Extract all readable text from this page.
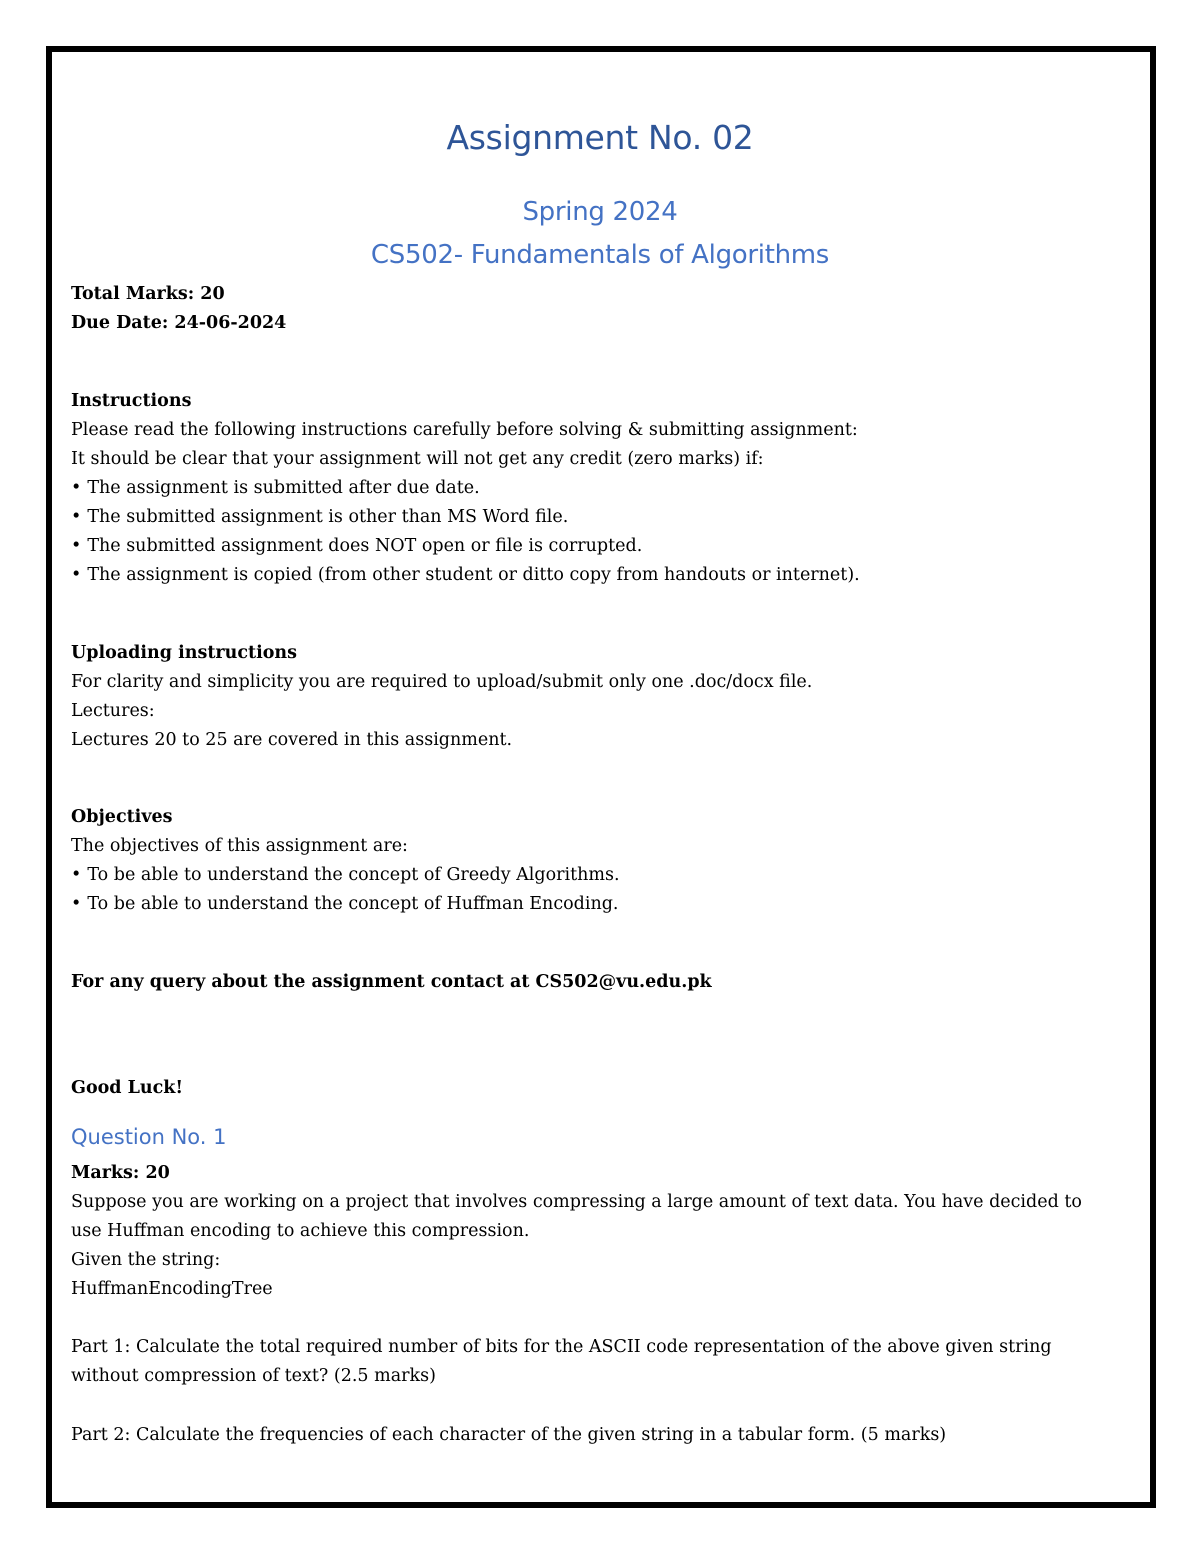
Assignment No. 02
Spring 2024
CS502- Fundamentals of Algorithms
Total Marks: 20
Due Date: 24-06-2024
Instructions
Please read the following instructions carefully before solving & submitting assignment:
It should be clear that your assignment will not get any credit (zero marks) if:
• The assignment is submitted after due date.
• The submitted assignment is other than MS Word file.
• The submitted assignment does NOT open or file is corrupted.
• The assignment is copied (from other student or ditto copy from handouts or internet).
Uploading instructions
For clarity and simplicity you are required to upload/submit only one .doc/docx file.
Lectures:
Lectures 20 to 25 are covered in this assignment.
Objectives
The objectives of this assignment are:
• To be able to understand the concept of Greedy Algorithms.
• To be able to understand the concept of Huffman Encoding.
For any query about the assignment contact at CS502@vu.edu.pk
Good Luck!
Question No. 1
Marks: 20
Suppose you are working on a project that involves compressing a large amount of text data. You have decided to
use Huffman encoding to achieve this compression.
Given the string:
HuffmanEncodingTree
Part 1: Calculate the total required number of bits for the ASCII code representation of the above given string
without compression of text? (2.5 marks)
Part 2: Calculate the frequencies of each character of the given string in a tabular form. (5 marks)
